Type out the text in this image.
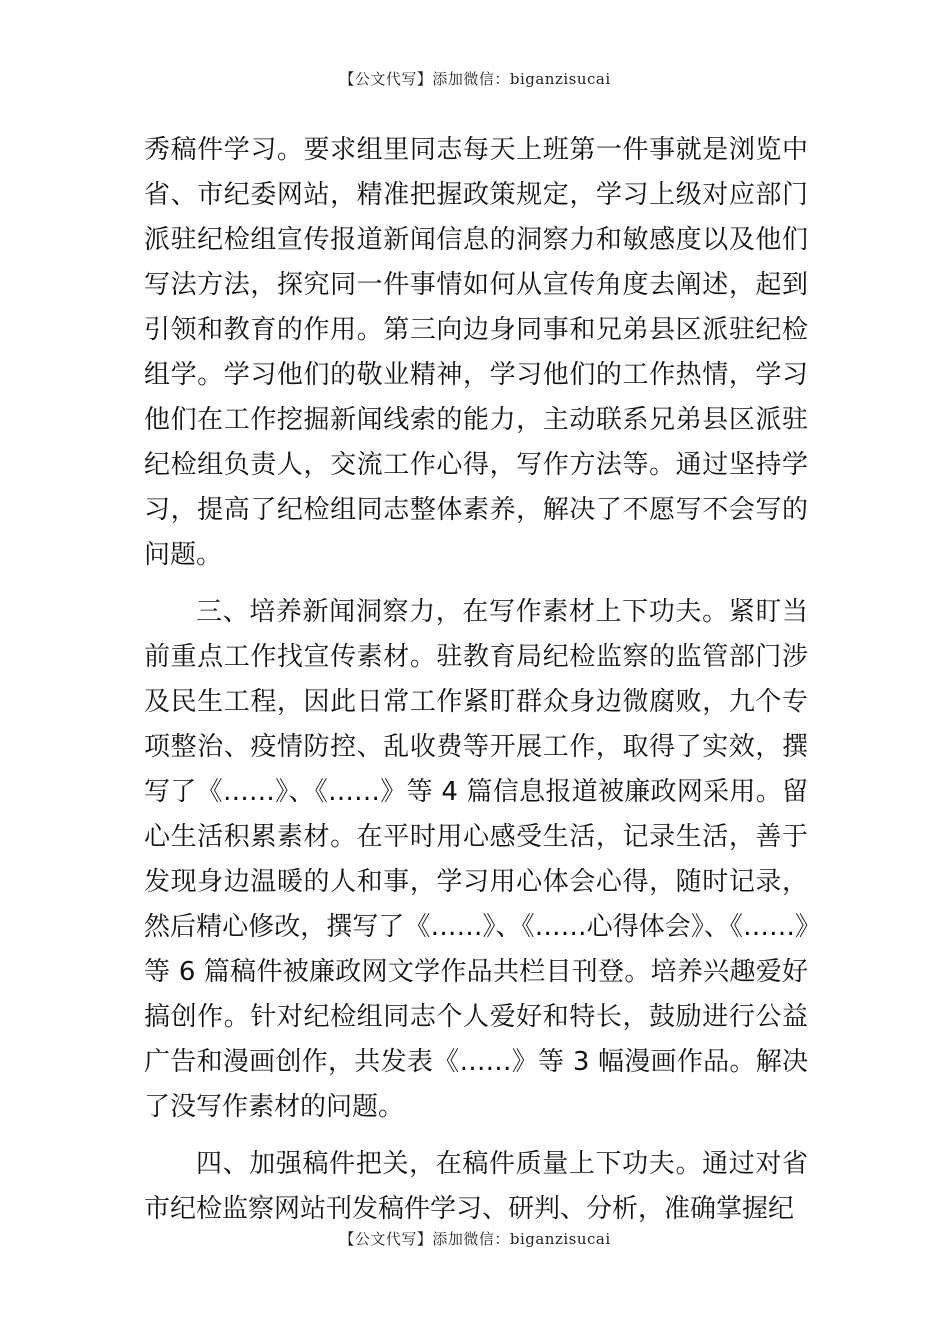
【公文代写】添加微信：biganzisucai

秀稿件学习。要求组里同志每天上班第一件事就是浏览中省、市纪委网站，精准把握政策规定，学习上级对应部门派驻纪检组宣传报道新闻信息的洞察力和敏感度以及他们写法方法，探究同一件事情如何从宣传角度去阐述，起到引领和教育的作用。第三向边身同事和兄弟县区派驻纪检组学。学习他们的敬业精神，学习他们的工作热情，学习他们在工作挖掘新闻线索的能力，主动联系兄弟县区派驻纪检组负责人，交流工作心得，写作方法等。通过坚持学习，提高了纪检组同志整体素养，解决了不愿写不会写的问题。

三、培养新闻洞察力，在写作素材上下功夫。紧盯当前重点工作找宣传素材。驻教育局纪检监察的监管部门涉及民生工程，因此日常工作紧盯群众身边微腐败，九个专项整治、疫情防控、乱收费等开展工作，取得了实效，撰写了《……》、《……》等 4 篇信息报道被廉政网采用。留心生活积累素材。在平时用心感受生活，记录生活，善于发现身边温暖的人和事，学习用心体会心得，随时记录，然后精心修改，撰写了《……》、《……心得体会》、《……》等 6 篇稿件被廉政网文学作品共栏目刊登。培养兴趣爱好搞创作。针对纪检组同志个人爱好和特长，鼓励进行公益广告和漫画创作，共发表《……》等 3 幅漫画作品。解决了没写作素材的问题。

四、加强稿件把关，在稿件质量上下功夫。通过对省市纪检监察网站刊发稿件学习、研判、分析，准确掌握纪

【公文代写】添加微信：biganzisucai
